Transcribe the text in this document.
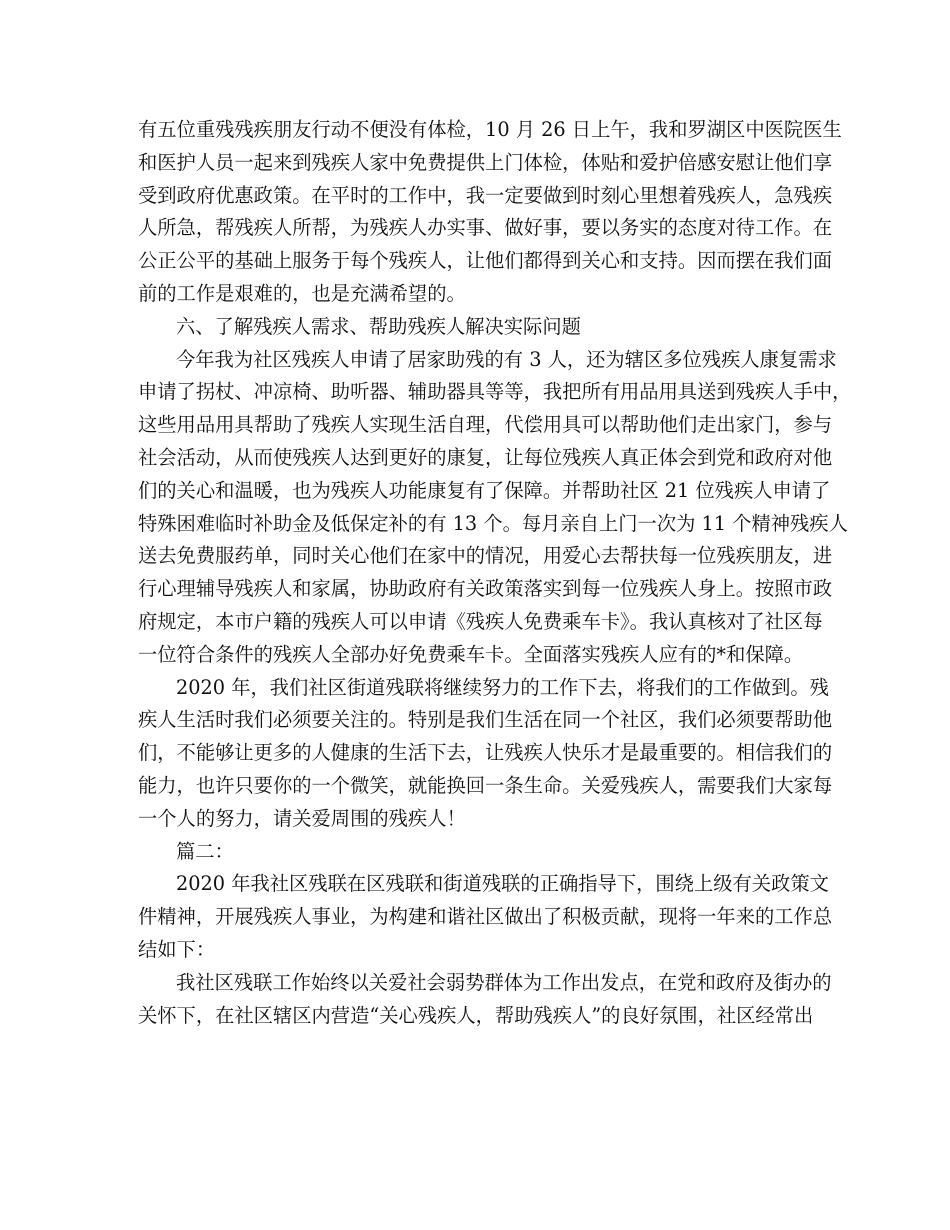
有五位重残残疾朋友行动不便没有体检，10 月 26 日上午，我和罗湖区中医院医生
和医护人员一起来到残疾人家中免费提供上门体检，体贴和爱护倍感安慰让他们享
受到政府优惠政策。在平时的工作中，我一定要做到时刻心里想着残疾人，急残疾
人所急，帮残疾人所帮，为残疾人办实事、做好事，要以务实的态度对待工作。在
公正公平的基础上服务于每个残疾人，让他们都得到关心和支持。因而摆在我们面
前的工作是艰难的，也是充满希望的。
六、了解残疾人需求、帮助残疾人解决实际问题
今年我为社区残疾人申请了居家助残的有 3 人，还为辖区多位残疾人康复需求
申请了拐杖、冲凉椅、助听器、辅助器具等等，我把所有用品用具送到残疾人手中，
这些用品用具帮助了残疾人实现生活自理，代偿用具可以帮助他们走出家门，参与
社会活动，从而使残疾人达到更好的康复，让每位残疾人真正体会到党和政府对他
们的关心和温暖，也为残疾人功能康复有了保障。并帮助社区 21 位残疾人申请了
特殊困难临时补助金及低保定补的有 13 个。每月亲自上门一次为 11 个精神残疾人
送去免费服药单，同时关心他们在家中的情况，用爱心去帮扶每一位残疾朋友，进
行心理辅导残疾人和家属，协助政府有关政策落实到每一位残疾人身上。按照市政
府规定，本市户籍的残疾人可以申请《残疾人免费乘车卡》。我认真核对了社区每
一位符合条件的残疾人全部办好免费乘车卡。全面落实残疾人应有的*和保障。
2020 年，我们社区街道残联将继续努力的工作下去，将我们的工作做到。残
疾人生活时我们必须要关注的。特别是我们生活在同一个社区，我们必须要帮助他
们，不能够让更多的人健康的生活下去，让残疾人快乐才是最重要的。相信我们的
能力，也许只要你的一个微笑，就能换回一条生命。关爱残疾人，需要我们大家每
一个人的努力，请关爱周围的残疾人！
篇二：
2020 年我社区残联在区残联和街道残联的正确指导下，围绕上级有关政策文
件精神，开展残疾人事业，为构建和谐社区做出了积极贡献，现将一年来的工作总
结如下：
我社区残联工作始终以关爱社会弱势群体为工作出发点，在党和政府及街办的
关怀下，在社区辖区内营造“关心残疾人，帮助残疾人”的良好氛围，社区经常出
